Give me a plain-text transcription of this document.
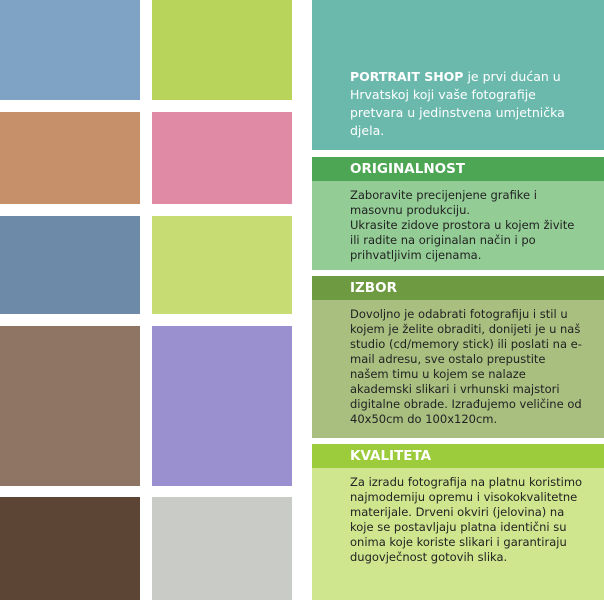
PORTRAIT SHOP je prvi dućan u Hrvatskoj koji vaše fotografije pretvara u jedinstvena umjetnička djela.

ORIGINALNOST

Zaboravite precijenjene grafike i masovnu produkciju.

Ukrasite zidove prostora u kojem živite ili radite na originalan način i po prihvatljivim cijenama.

IZBOR

Dovoljno je odabrati fotografiju i stil u kojem je želite obraditi, donijeti je u naš studio (cd/memory stick) ili poslati na e-mail adresu, sve ostalo prepustite našem timu u kojem se nalaze akademski slikari i vrhunski majstori digitalne obrade. Izrađujemo veličine od 40x50cm do 100x120cm.

KVALITETA

Za izradu fotografija na platnu koristimo najmodemiju opremu i visokokvalitetne materijale. Drveni okviri (jelovina) na koje se postavljaju platna identični su onima koje koriste slikari i garantiraju dugovječnost gotovih slika.
